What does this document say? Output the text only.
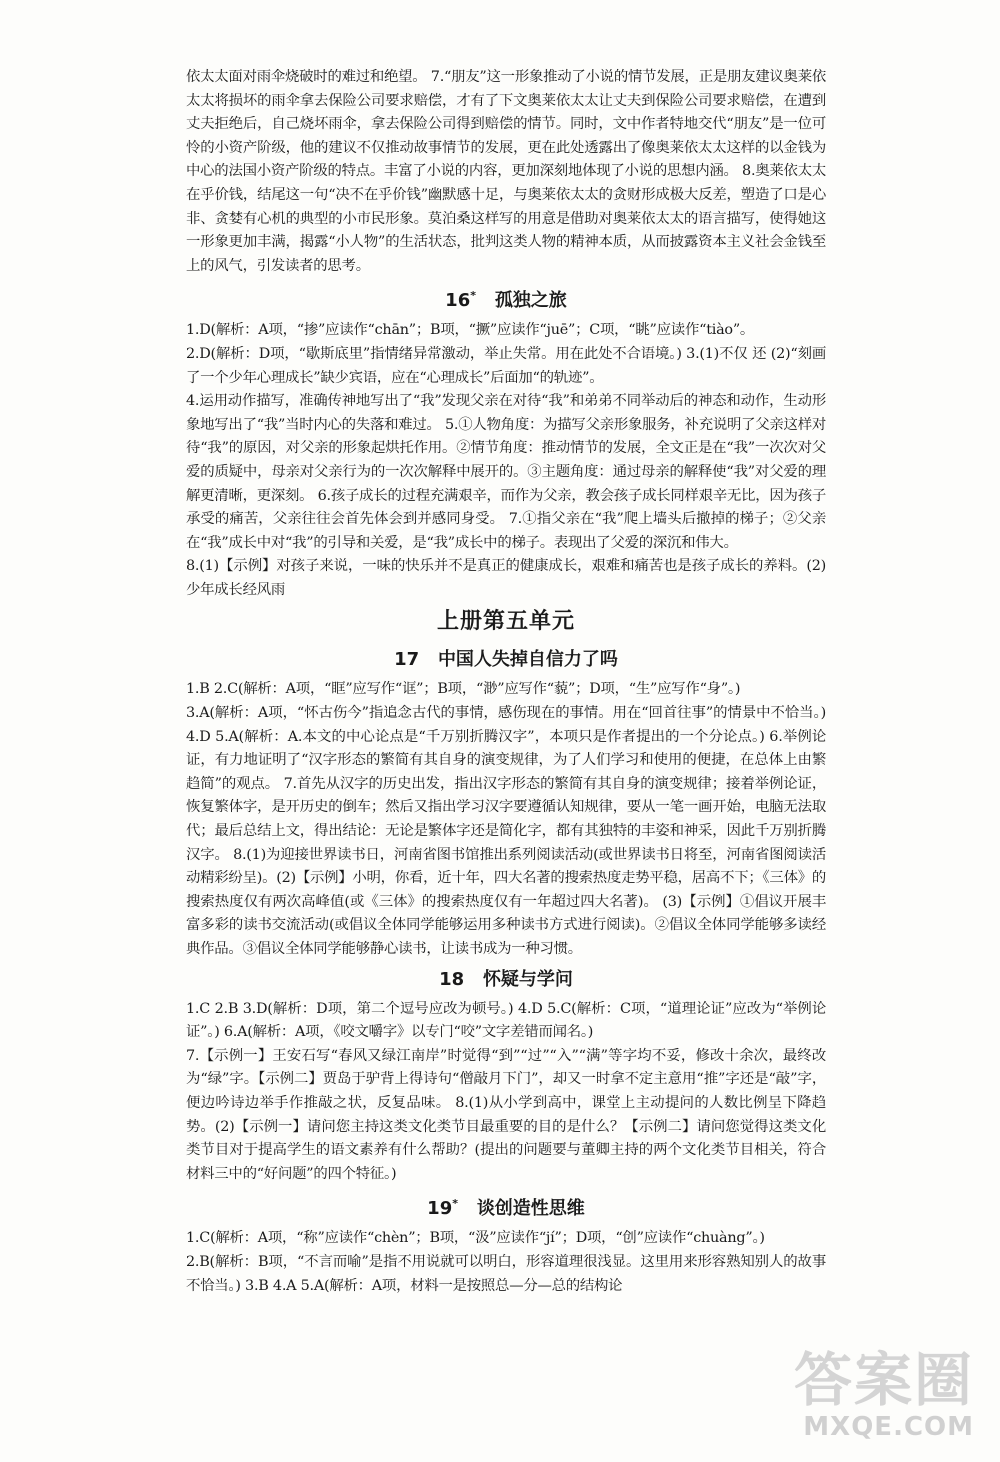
依太太面对雨伞烧破时的难过和绝望。 7.“朋友”这一形象推动了小说的情节发展，正是朋友建议奥莱依太太将损坏的雨伞拿去保险公司要求赔偿，才有了下文奥莱依太太让丈夫到保险公司要求赔偿，在遭到丈夫拒绝后，自己烧坏雨伞，拿去保险公司得到赔偿的情节。同时，文中作者特地交代“朋友”是一位可怜的小资产阶级，他的建议不仅推动故事情节的发展，更在此处透露出了像奥莱依太太这样的以金钱为中心的法国小资产阶级的特点。丰富了小说的内容，更加深刻地体现了小说的思想内涵。 8.奥莱依太太在乎价钱，结尾这一句“决不在乎价钱”幽默感十足，与奥莱依太太的贪财形成极大反差，塑造了口是心非、贪婪有心机的典型的小市民形象。莫泊桑这样写的用意是借助对奥莱依太太的语言描写，使得她这一形象更加丰满，揭露“小人物”的生活状态，批判这类人物的精神本质，从而披露资本主义社会金钱至上的风气，引发读者的思考。

16* 孤独之旅

1.D(解析：A项，“掺”应读作“chān”；B项，“撅”应读作“juē”；C项，“眺”应读作“tiào”。

2.D(解析：D项，“歇斯底里”指情绪异常激动，举止失常。用在此处不合语境。) 3.(1)不仅 还 (2)“刻画了一个少年心理成长”缺少宾语，应在“心理成长”后面加“的轨迹”。

4.运用动作描写，准确传神地写出了“我”发现父亲在对待“我”和弟弟不同举动后的神态和动作，生动形象地写出了“我”当时内心的失落和难过。 5.①人物角度：为描写父亲形象服务，补充说明了父亲这样对待“我”的原因，对父亲的形象起烘托作用。②情节角度：推动情节的发展，全文正是在“我”一次次对父爱的质疑中，母亲对父亲行为的一次次解释中展开的。③主题角度：通过母亲的解释使“我”对父爱的理解更清晰，更深刻。 6.孩子成长的过程充满艰辛，而作为父亲，教会孩子成长同样艰辛无比，因为孩子承受的痛苦，父亲往往会首先体会到并感同身受。 7.①指父亲在“我”爬上墙头后撤掉的梯子；②父亲在“我”成长中对“我”的引导和关爱，是“我”成长中的梯子。表现出了父爱的深沉和伟大。

8.(1)【示例】对孩子来说，一味的快乐并不是真正的健康成长，艰难和痛苦也是孩子成长的养料。(2)少年成长经风雨

上册第五单元
17 中国人失掉自信力了吗

1.B 2.C(解析：A项，“眶”应写作“诓”；B项，“渺”应写作“藐”；D项，“生”应写作“身”。)

3.A(解析：A项，“怀古伤今”指追念古代的事情，感伤现在的事情。用在“回首往事”的情景中不恰当。) 4.D 5.A(解析：A.本文的中心论点是“千万别折腾汉字”，本项只是作者提出的一个分论点。) 6.举例论证，有力地证明了“汉字形态的繁简有其自身的演变规律，为了人们学习和使用的便捷，在总体上由繁趋简”的观点。 7.首先从汉字的历史出发，指出汉字形态的繁简有其自身的演变规律；接着举例论证，恢复繁体字，是开历史的倒车；然后又指出学习汉字要遵循认知规律，要从一笔一画开始，电脑无法取代；最后总结上文，得出结论：无论是繁体字还是简化字，都有其独特的丰姿和神采，因此千万别折腾汉字。 8.(1)为迎接世界读书日，河南省图书馆推出系列阅读活动(或世界读书日将至，河南省图阅读活动精彩纷呈)。(2)【示例】小明，你看，近十年，四大名著的搜索热度走势平稳，居高不下；《三体》的搜索热度仅有两次高峰值(或《三体》的搜索热度仅有一年超过四大名著)。 (3)【示例】①倡议开展丰富多彩的读书交流活动(或倡议全体同学能够运用多种读书方式进行阅读)。②倡议全体同学能够多读经典作品。③倡议全体同学能够静心读书，让读书成为一种习惯。

18 怀疑与学问

1.C 2.B 3.D(解析：D项，第二个逗号应改为顿号。) 4.D 5.C(解析：C项，“道理论证”应改为“举例论证”。) 6.A(解析：A项，《咬文嚼字》以专门“咬”文字差错而闻名。)

7.【示例一】王安石写“春风又绿江南岸”时觉得“到”“过”“入”“满”等字均不妥，修改十余次，最终改为“绿”字。【示例二】贾岛于驴背上得诗句“僧敲月下门”，却又一时拿不定主意用“推”字还是“敲”字，便边吟诗边举手作推敲之状，反复品味。 8.(1)从小学到高中，课堂上主动提问的人数比例呈下降趋势。(2)【示例一】请问您主持这类文化类节目最重要的目的是什么？【示例二】请问您觉得这类文化类节目对于提高学生的语文素养有什么帮助？(提出的问题要与董卿主持的两个文化类节目相关，符合材料三中的“好问题”的四个特征。)

19* 谈创造性思维

1.C(解析：A项，“称”应读作“chèn”；B项，“汲”应读作“jí”；D项，“创”应读作“chuàng”。)

2.B(解析：B项，“不言而喻”是指不用说就可以明白，形容道理很浅显。这里用来形容熟知别人的故事不恰当。) 3.B 4.A 5.A(解析：A项，材料一是按照总—分—总的结构论

答案圈
MXQE.COM
